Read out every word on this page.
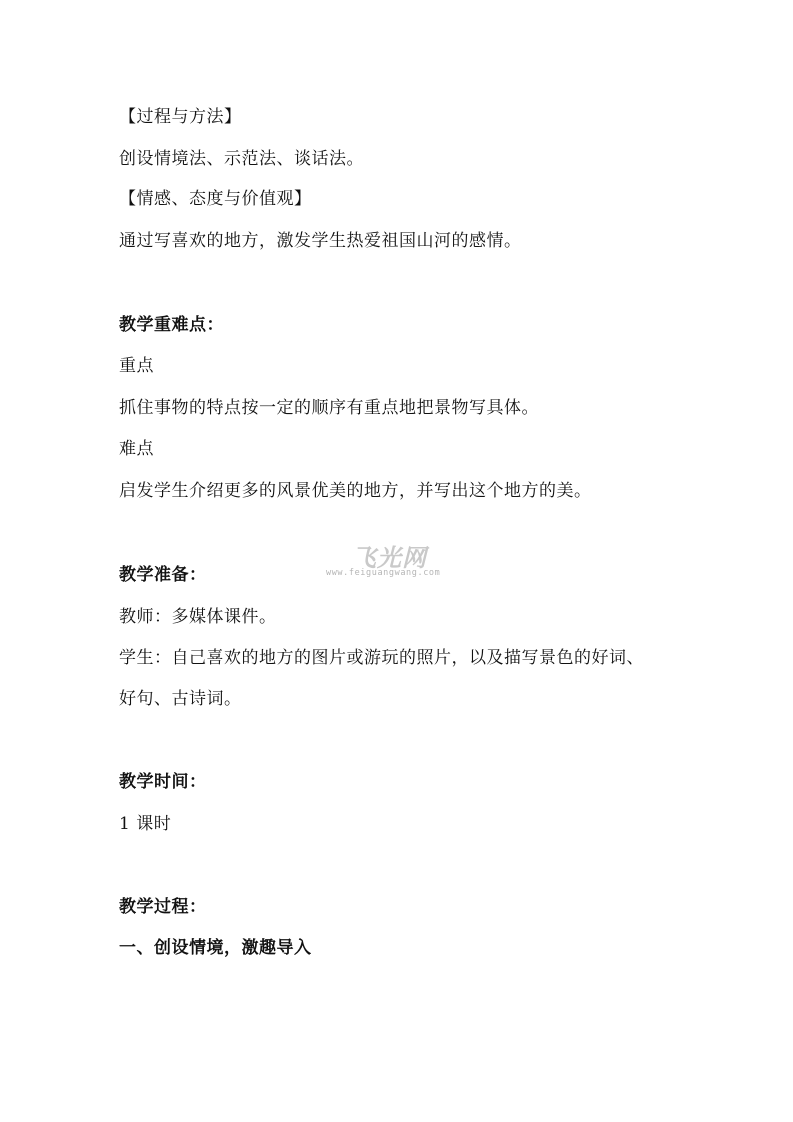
【过程与方法】
创设情境法、示范法、谈话法。
【情感、态度与价值观】
通过写喜欢的地方，激发学生热爱祖国山河的感情。
教学重难点：
重点
抓住事物的特点按一定的顺序有重点地把景物写具体。
难点
启发学生介绍更多的风景优美的地方，并写出这个地方的美。
飞光网
www.feiguangwang.com
教学准备：
教师：多媒体课件。
学生：自己喜欢的地方的图片或游玩的照片，以及描写景色的好词、
好句、古诗词。
教学时间：
1 课时
教学过程：
一、创设情境，激趣导入
